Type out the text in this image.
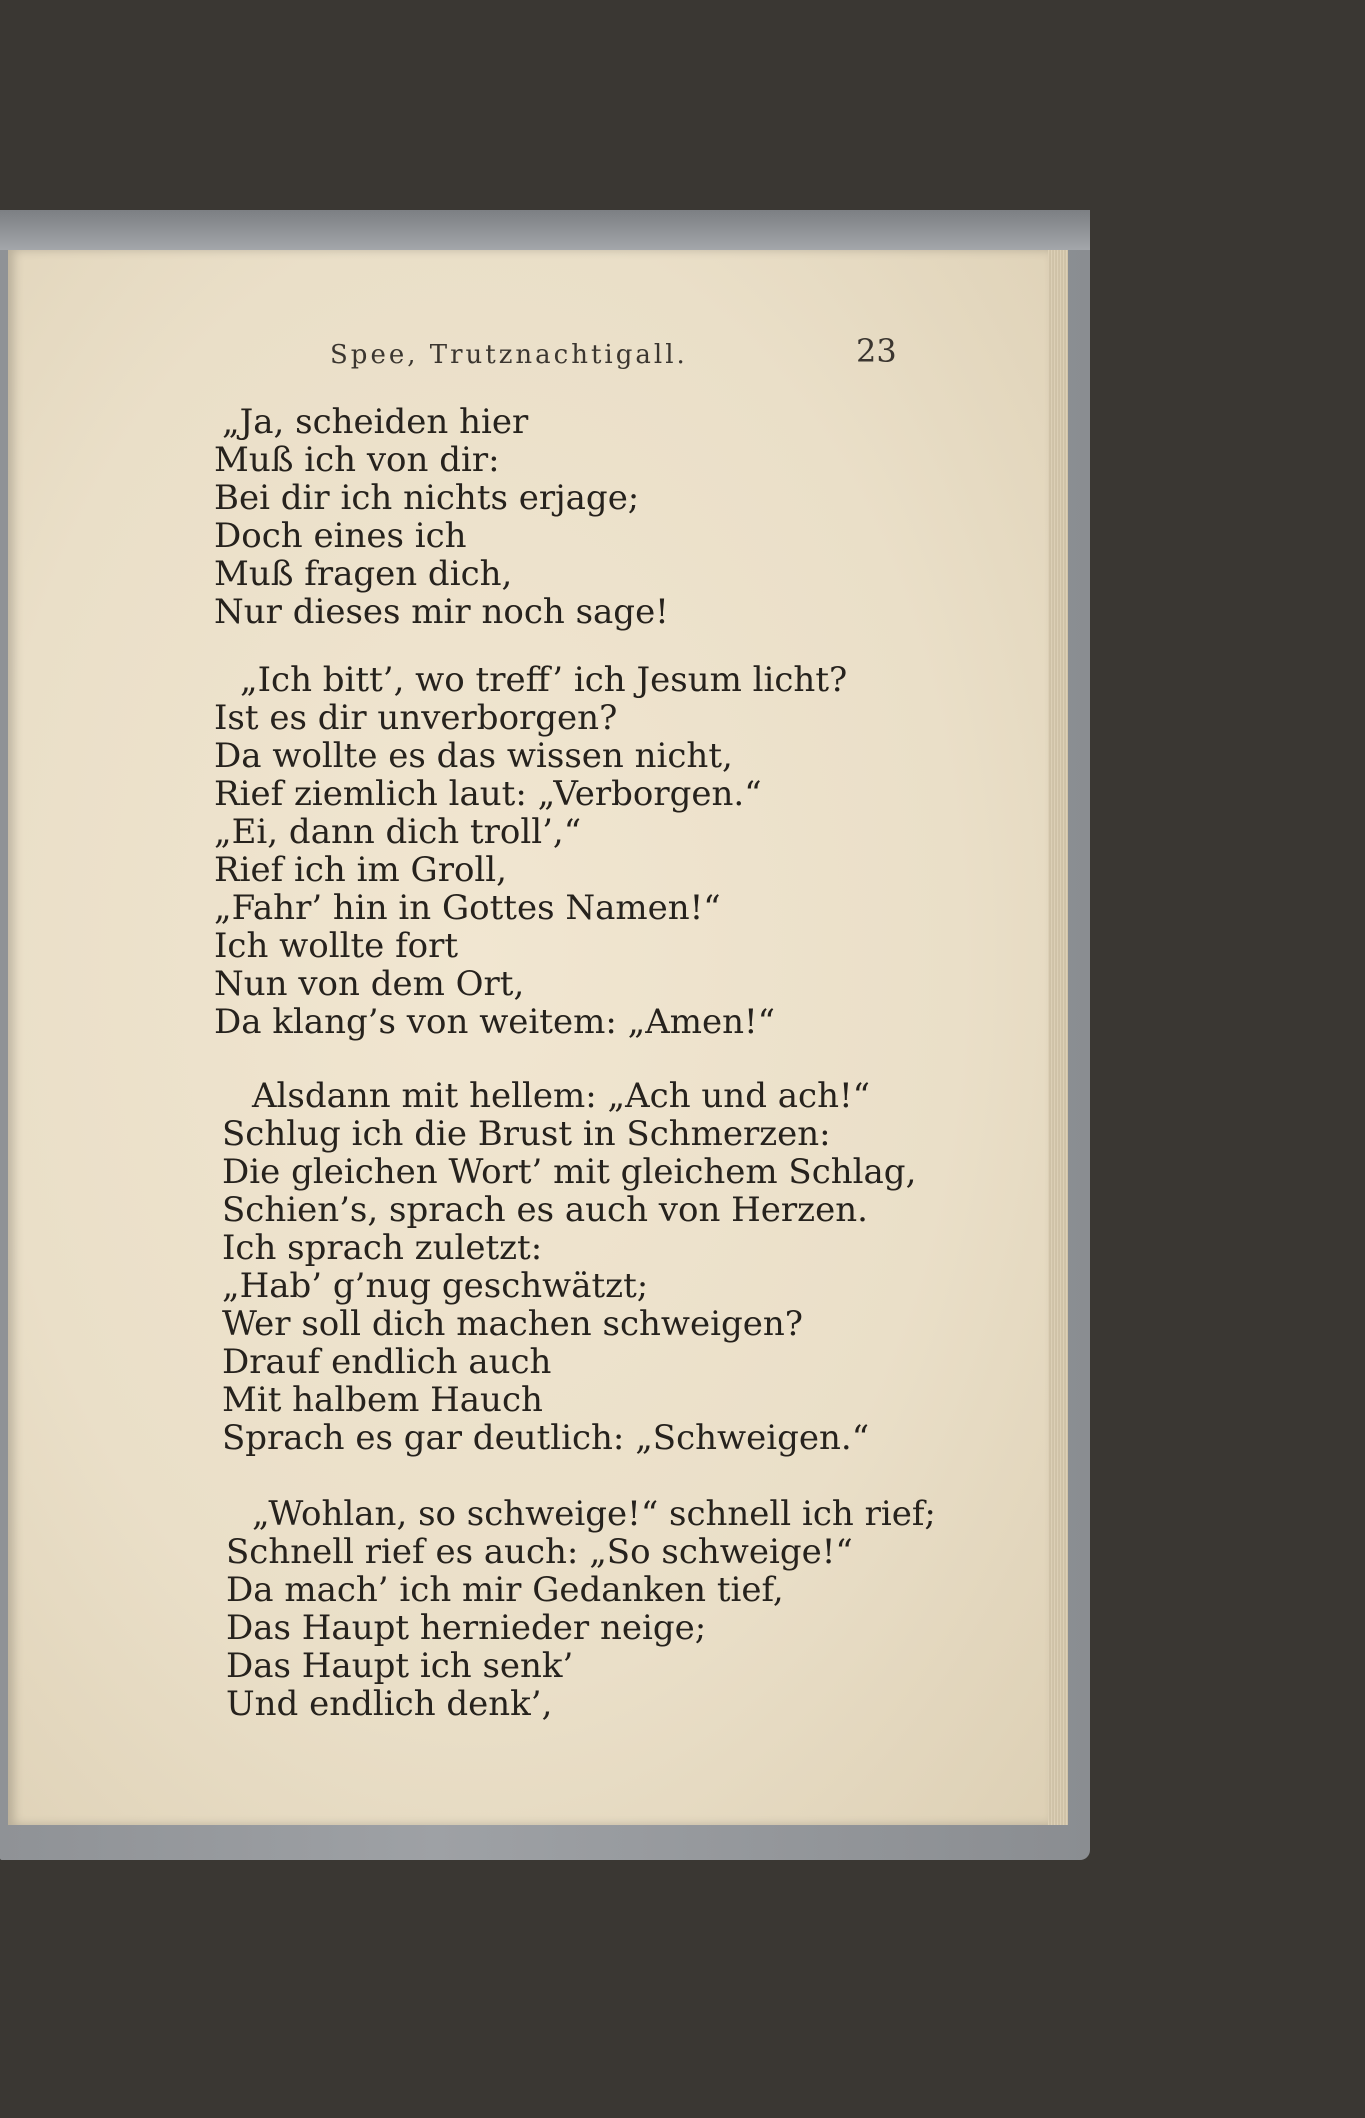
Spee, Trutznachtigall.	23
„Ja, scheiden hier
Muß ich von dir:
Bei dir ich nichts erjage;
Doch eines ich
Muß fragen dich,
Nur dieses mir noch sage!
„Ich bitt’, wo treff’ ich Jesum licht?
Ist es dir unverborgen?
Da wollte es das wissen nicht,
Rief ziemlich laut: „Verborgen.“
„Ei, dann dich troll’,“
Rief ich im Groll,
„Fahr’ hin in Gottes Namen!“
Ich wollte fort
Nun von dem Ort,
Da klang’s von weitem: „Amen!“
Alsdann mit hellem: „Ach und ach!“
Schlug ich die Brust in Schmerzen:
Die gleichen Wort’ mit gleichem Schlag,
Schien’s, sprach es auch von Herzen.
Ich sprach zuletzt:
„Hab’ g’nug geschwätzt;
Wer soll dich machen schweigen?
Drauf endlich auch
Mit halbem Hauch
Sprach es gar deutlich: „Schweigen.“
„Wohlan, so schweige!“ schnell ich rief;
Schnell rief es auch: „So schweige!“
Da mach’ ich mir Gedanken tief,
Das Haupt hernieder neige;
Das Haupt ich senk’
Und endlich denk’,
